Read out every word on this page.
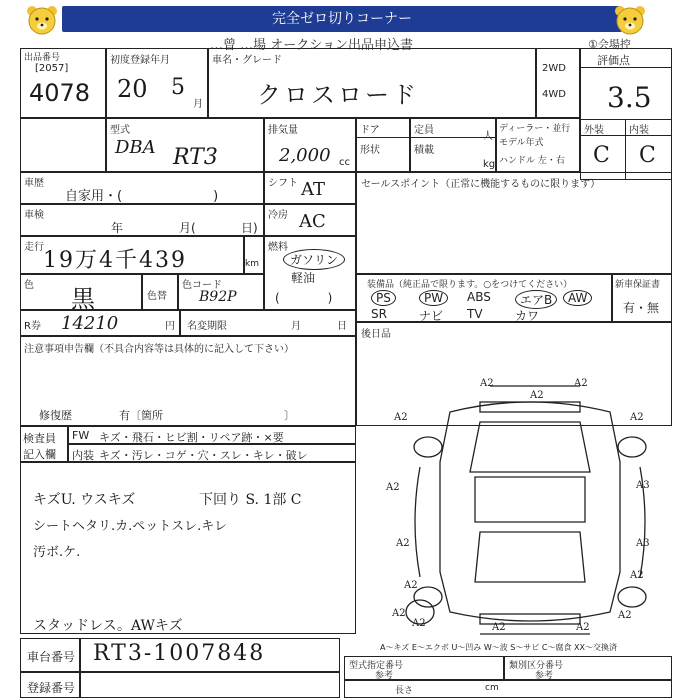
完全ゼロ切りコーナー
…曾 …場 オークション出品申込書	①会場控
出品番号
[2057]
4078
初度登録年月
20 5
月
車名・グレード
クロスロード
2WD
4WD
評価点
3.5
外装	内装
C C
型式
DBA RT3
排気量
2,000 cc
ドア
形状
定員
人
積載
kg
ディーラー・並行
モデル年式
ハンドル 左・右
車歴
自家用・(　　　　　　　)
シフト AT
車検
年	月(	日)
冷房 AC
走行
19万4千439	km
燃料
ガソリン
軽油
(　　　　)
色 黒	色替
色コード
B92P
R券 14210	円 名変期限	月	日
注意事項申告欄（不具合内容等は具体的に記入して下さい）
修復歴	有〔箇所　　　　　　　　　　　〕
セールスポイント（正常に機能するものに限ります）
装備品（純正品で限ります。○をつけてください）
PS	PW	ABS	エアB	AW
SR	ナビ TV	カワ
新車保証書
有・無
後日品
検査員
記入欄
FW キズ・飛石・ヒビ割・リペア跡・×要
内装 キズ・汚レ・コゲ・穴・スレ・キレ・破レ
キズU. ウスキズ	下回り S. 1部 C
シートヘタリ.カ.ペットスレ.キレ
汚ボ.ケ.
スタッドレス。AWキズ
A2	A2
A2
A2	A2
A2	A3
A2	A3
A2
A2
A2
A2
A2	A2
A2
A～キズ E～エクボ U～凹み W～波 S～サビ C～腐食 XX～交換済
車台番号 RT3-1007848
登録番号
型式指定番号
参考
類別区分番号
参考
長さ	cm
